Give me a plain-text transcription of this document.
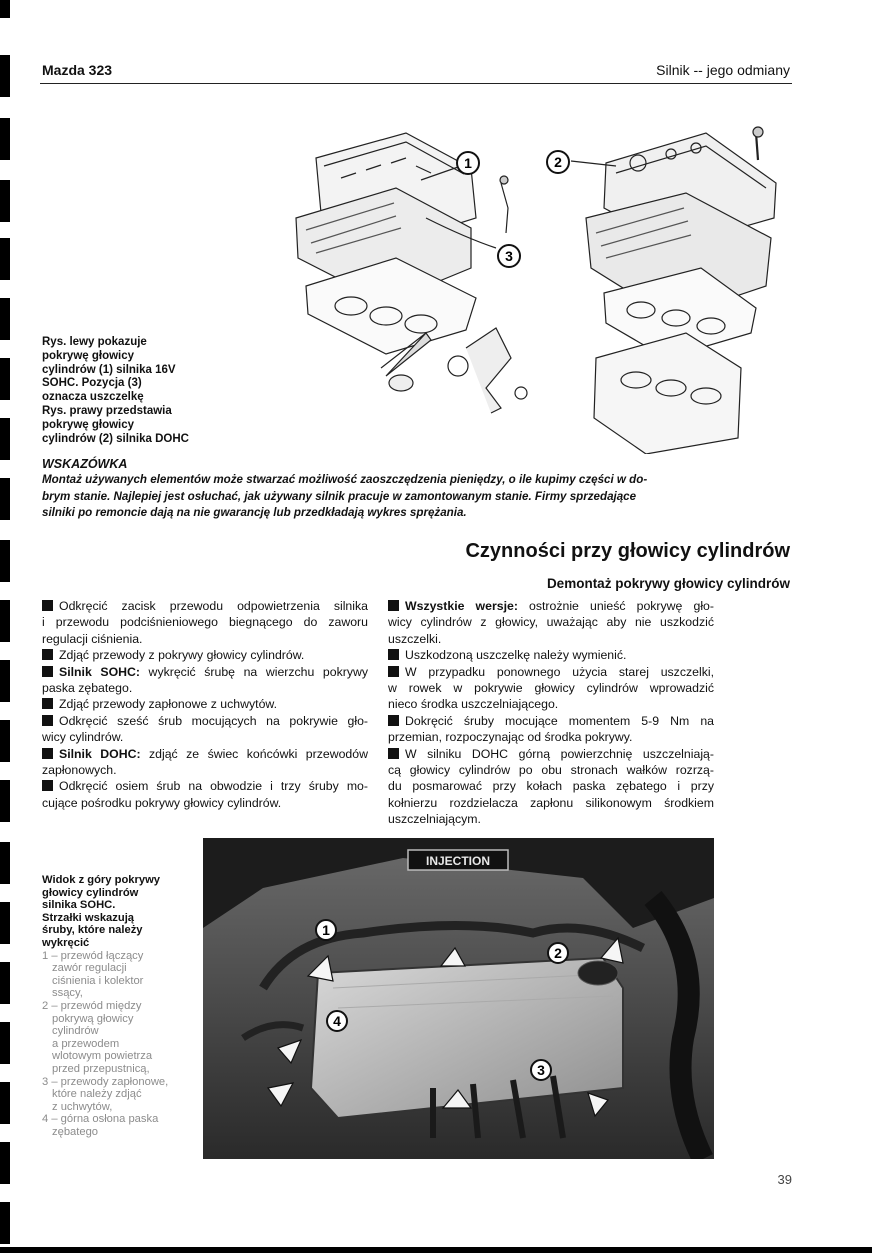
Mazda 323	Silnik -- jego odmiany
1	2
3
Rys. lewy pokazuje
pokrywę głowicy
cylindrów (1) silnika 16V
SOHC. Pozycja (3)
oznacza uszczelkę
Rys. prawy przedstawia
pokrywę głowicy
cylindrów (2) silnika DOHC
WSKAZÓWKA
Montaż używanych elementów może stwarzać możliwość zaoszczędzenia pieniędzy, o ile kupimy części w do-
brym stanie. Najlepiej jest osłuchać, jak używany silnik pracuje w zamontowanym stanie. Firmy sprzedające
silniki po remoncie dają na nie gwarancję lub przedkładają wykres sprężania.
Czynności przy głowicy cylindrów
Demontaż pokrywy głowicy cylindrów
Odkręcić zacisk przewodu odpowietrzenia silnika
i przewodu podciśnieniowego biegnącego do zaworu
regulacji ciśnienia.
Zdjąć przewody z pokrywy głowicy cylindrów.
Silnik SOHC: wykręcić śrubę na wierzchu pokrywy
paska zębatego.
Zdjąć przewody zapłonowe z uchwytów.
Odkręcić sześć śrub mocujących na pokrywie gło-
wicy cylindrów.
Silnik DOHC: zdjąć ze świec końcówki przewodów
zapłonowych.
Odkręcić osiem śrub na obwodzie i trzy śruby mo-
cujące pośrodku pokrywy głowicy cylindrów.
Wszystkie wersje: ostrożnie unieść pokrywę gło-
wicy cylindrów z głowicy, uważając aby nie uszkodzić
uszczelki.
Uszkodzoną uszczelkę należy wymienić.
W przypadku ponownego użycia starej uszczelki,
w rowek w pokrywie głowicy cylindrów wprowadzić
nieco środka uszczelniającego.
Dokręcić śruby mocujące momentem 5-9 Nm na
przemian, rozpoczynając od środka pokrywy.
W silniku DOHC górną powierzchnię uszczelniają-
cą głowicy cylindrów po obu stronach wałków rozrzą-
du posmarować przy kołach paska zębatego i przy
kołnierzu rozdzielacza zapłonu silikonowym środkiem
uszczelniającym.
Widok z góry pokrywy
głowicy cylindrów
silnika SOHC.
Strzałki wskazują
śruby, które należy
wykręcić
1 – przewód łączący
zawór regulacji
ciśnienia i kolektor
ssący,
2 – przewód między
pokrywą głowicy
cylindrów
a przewodem
wlotowym powietrza
przed przepustnicą,
3 – przewody zapłonowe,
które należy zdjąć
z uchwytów,
4 – górna osłona paska
zębatego
INJECTION
1
2
3
4
39
